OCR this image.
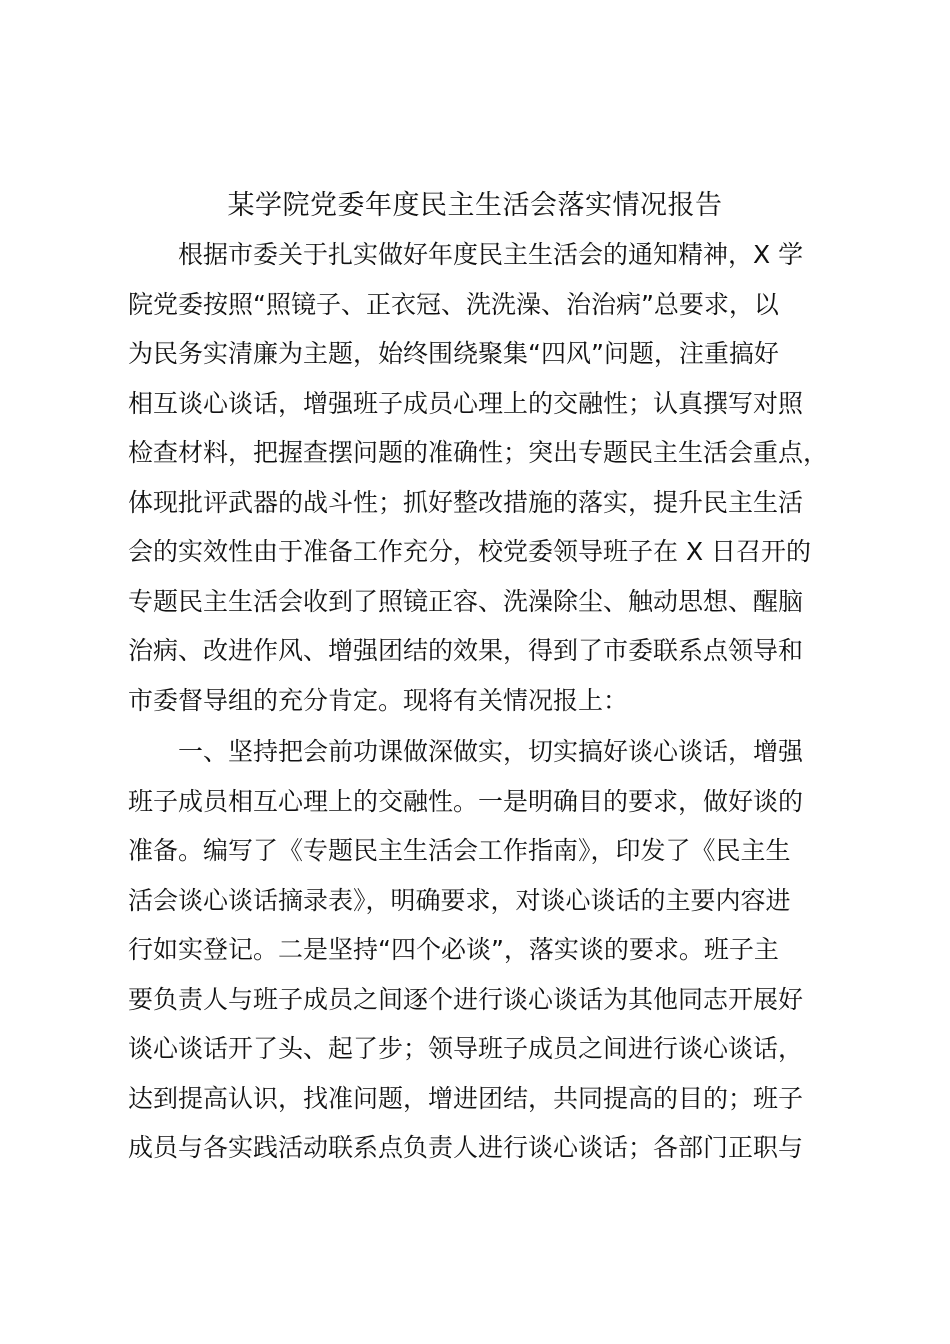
某学院党委年度民主生活会落实情况报告
根据市委关于扎实做好年度民主生活会的通知精神，X 学
院党委按照“照镜子、正衣冠、洗洗澡、治治病”总要求，以
为民务实清廉为主题，始终围绕聚集“四风”问题，注重搞好
相互谈心谈话，增强班子成员心理上的交融性；认真撰写对照
检查材料，把握查摆问题的准确性；突出专题民主生活会重点，
体现批评武器的战斗性；抓好整改措施的落实，提升民主生活
会的实效性由于准备工作充分，校党委领导班子在 X 日召开的
专题民主生活会收到了照镜正容、洗澡除尘、触动思想、醒脑
治病、改进作风、增强团结的效果，得到了市委联系点领导和
市委督导组的充分肯定。现将有关情况报上：
一、坚持把会前功课做深做实，切实搞好谈心谈话，增强
班子成员相互心理上的交融性。一是明确目的要求，做好谈的
准备。编写了《专题民主生活会工作指南》，印发了《民主生
活会谈心谈话摘录表》，明确要求，对谈心谈话的主要内容进
行如实登记。二是坚持“四个必谈”，落实谈的要求。班子主
要负责人与班子成员之间逐个进行谈心谈话为其他同志开展好
谈心谈话开了头、起了步；领导班子成员之间进行谈心谈话，
达到提高认识，找准问题，增进团结，共同提高的目的；班子
成员与各实践活动联系点负责人进行谈心谈话；各部门正职与
